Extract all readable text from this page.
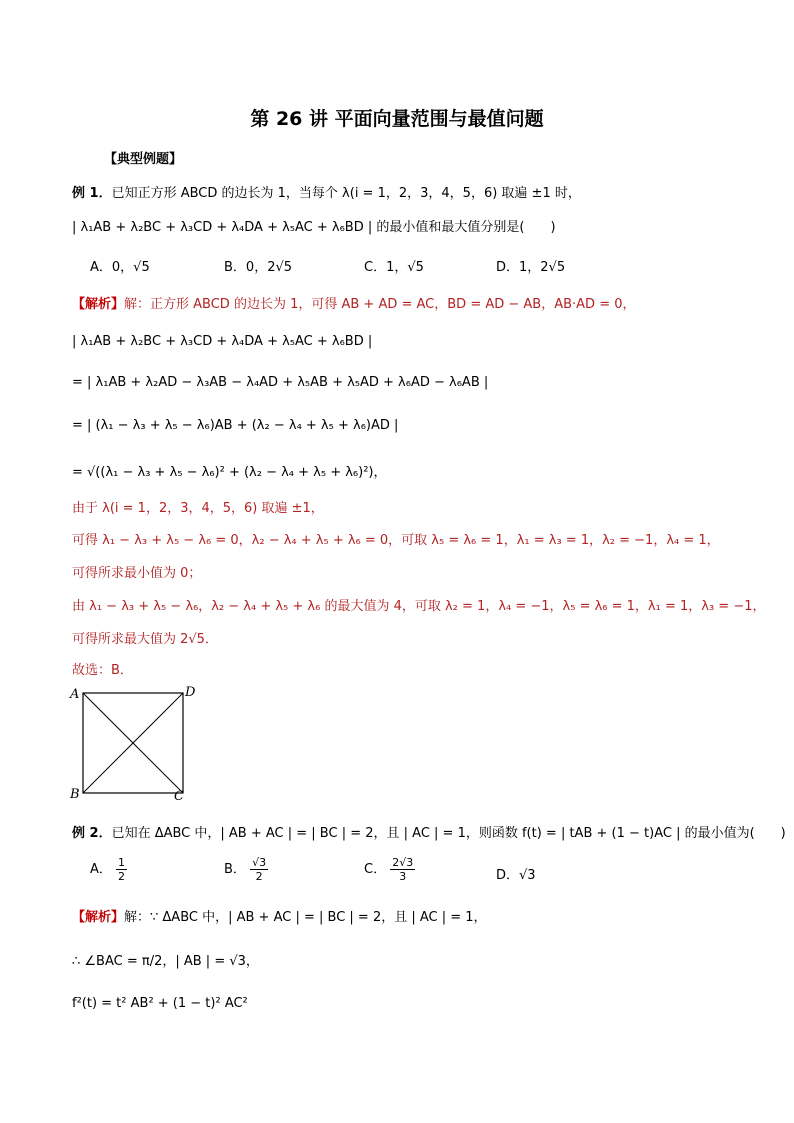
第 26 讲 平面向量范围与最值问题
【典型例题】
例 1．已知正方形 ABCD 的边长为 1，当每个 λ(i = 1，2，3，4，5，6) 取遍 ±1 时，
| λ₁AB + λ₂BC + λ₃CD + λ₄DA + λ₅AC + λ₆BD | 的最小值和最大值分别是(　　)
A．0，√5	B．0，2√5	C．1，√5	D．1，2√5
【解析】解：正方形 ABCD 的边长为 1，可得 AB + AD = AC，BD = AD − AB，AB·AD = 0，
| λ₁AB + λ₂BC + λ₃CD + λ₄DA + λ₅AC + λ₆BD |
= | λ₁AB + λ₂AD − λ₃AB − λ₄AD + λ₅AB + λ₅AD + λ₆AD − λ₆AB |
= | (λ₁ − λ₃ + λ₅ − λ₆)AB + (λ₂ − λ₄ + λ₅ + λ₆)AD |
= √((λ₁ − λ₃ + λ₅ − λ₆)² + (λ₂ − λ₄ + λ₅ + λ₆)²)，
由于 λ(i = 1，2，3，4，5，6) 取遍 ±1，
可得 λ₁ − λ₃ + λ₅ − λ₆ = 0，λ₂ − λ₄ + λ₅ + λ₆ = 0，可取 λ₅ = λ₆ = 1，λ₁ = λ₃ = 1，λ₂ = −1，λ₄ = 1，
可得所求最小值为 0；
由 λ₁ − λ₃ + λ₅ − λ₆，λ₂ − λ₄ + λ₅ + λ₆ 的最大值为 4，可取 λ₂ = 1，λ₄ = −1，λ₅ = λ₆ = 1，λ₁ = 1，λ₃ = −1，
可得所求最大值为 2√5．
故选：B．
A	D
B	C
例 2．已知在 ΔABC 中，| AB + AC | = | BC | = 2，且 | AC | = 1，则函数 f(t) = | tAB + (1 − t)AC | 的最小值为(　　)
A． $\frac{1}{2}$	B． $\frac{√3}{2}$	C． $\frac{2√3}{3}$	D．√3
【解析】解：∵ ΔABC 中，| AB + AC | = | BC | = 2，且 | AC | = 1，
∴ ∠BAC = π/2，| AB | = √3，
f²(t) = t² AB² + (1 − t)² AC²
